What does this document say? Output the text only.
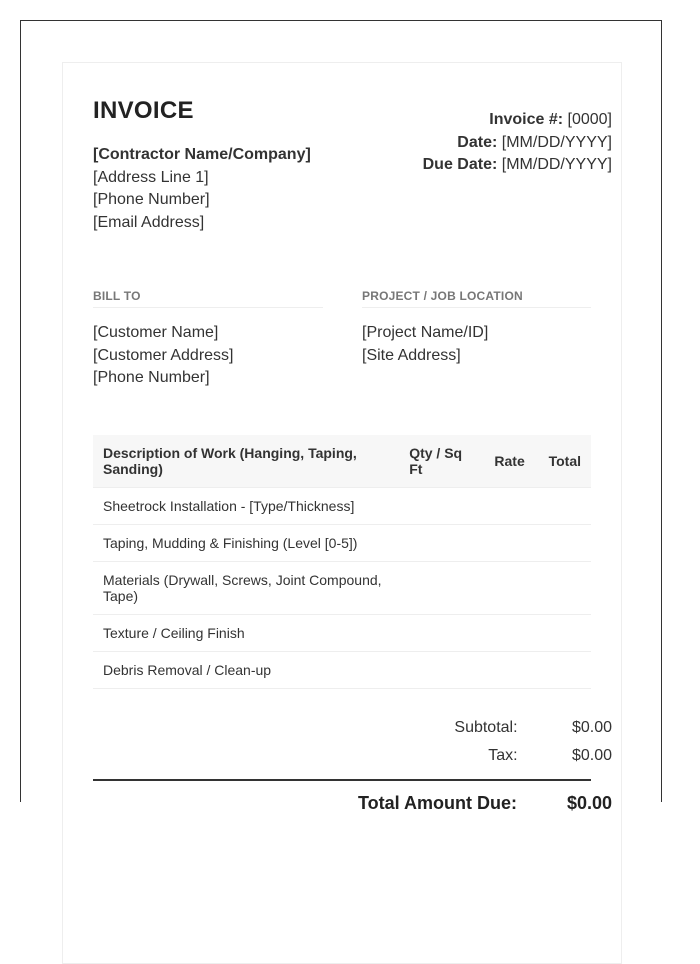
INVOICE
[Contractor Name/Company]
[Address Line 1]
[Phone Number]
[Email Address]
Invoice #: [0000]
Date: [MM/DD/YYYY]
Due Date: [MM/DD/YYYY]
BILL TO	PROJECT / JOB LOCATION
[Customer Name]
[Customer Address]
[Phone Number]
[Project Name/ID]
[Site Address]
Description of Work (Hanging, Taping, Sanding)	Qty / Sq Ft	Rate	Total
Sheetrock Installation - [Type/Thickness]			
Taping, Mudding & Finishing (Level [0-5])			
Materials (Drywall, Screws, Joint Compound, Tape)			
Texture / Ceiling Finish			
Debris Removal / Clean-up			
Subtotal:	$0.00
Tax:	$0.00
Total Amount Due:	$0.00
